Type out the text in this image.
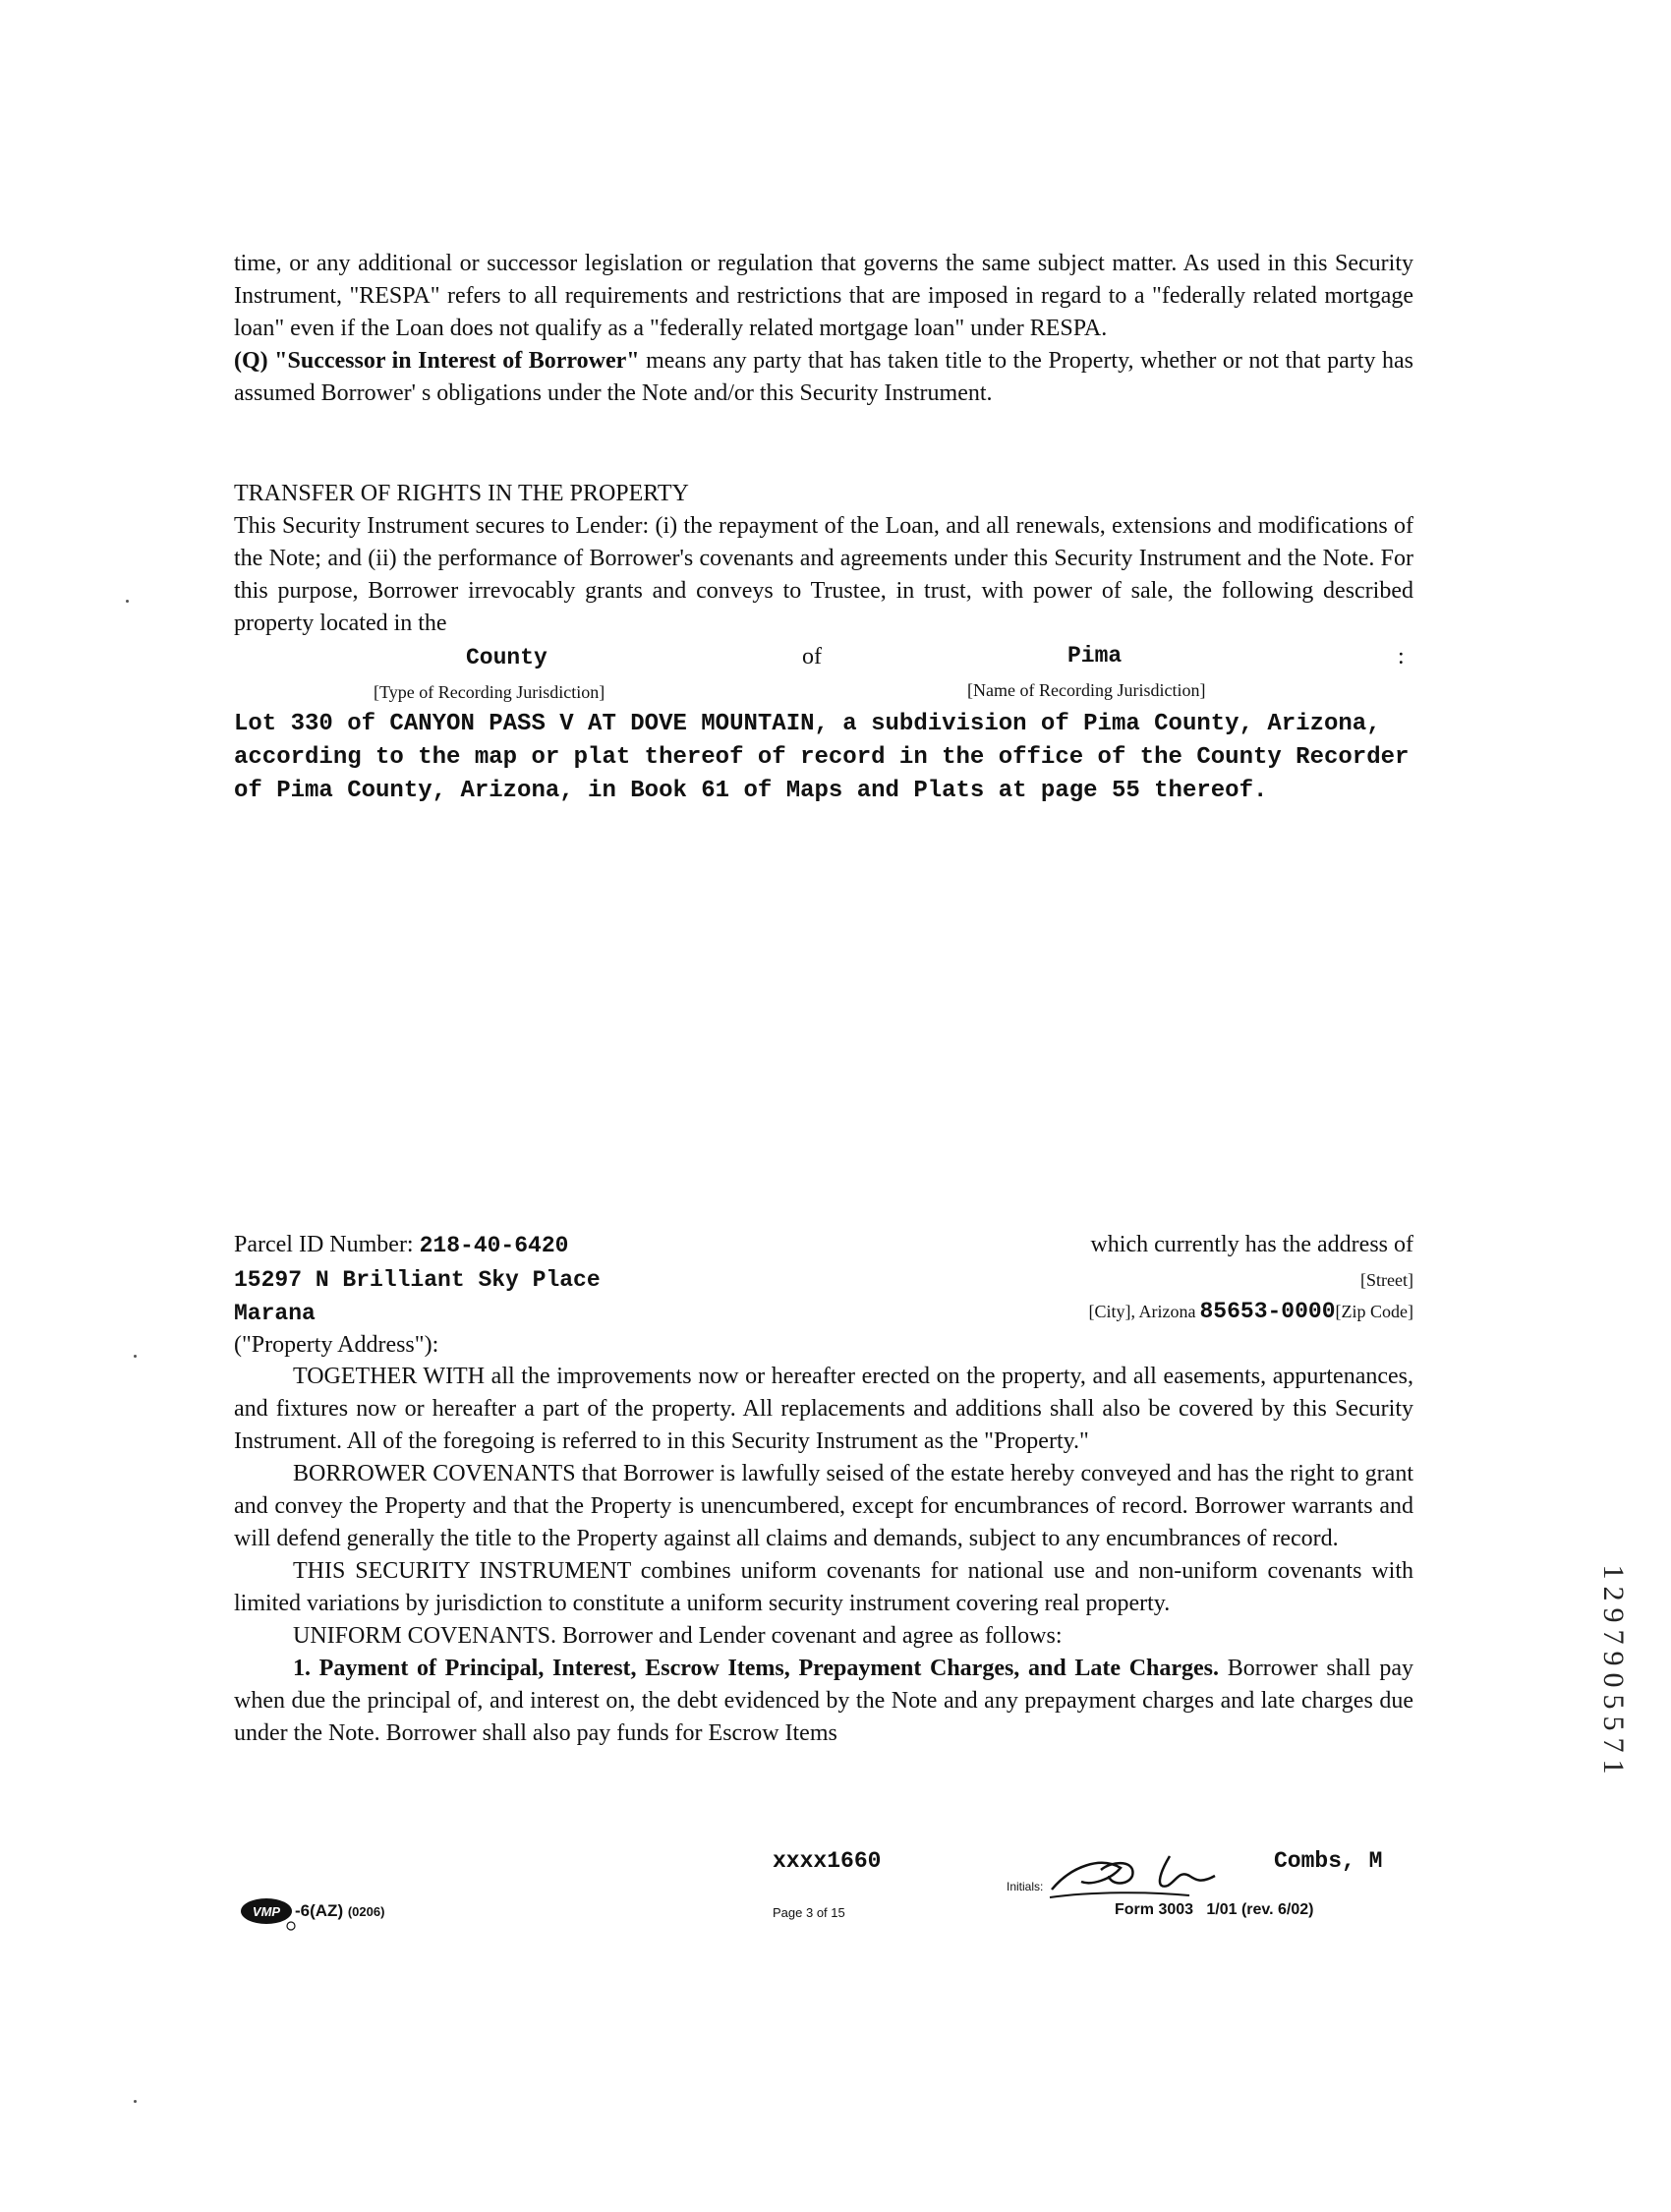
time, or any additional or successor legislation or regulation that governs the same subject matter. As used in this Security Instrument, "RESPA" refers to all requirements and restrictions that are imposed in regard to a "federally related mortgage loan" even if the Loan does not qualify as a "federally related mortgage loan" under RESPA.

(Q) "Successor in Interest of Borrower" means any party that has taken title to the Property, whether or not that party has assumed Borrower' s obligations under the Note and/or this Security Instrument.

TRANSFER OF RIGHTS IN THE PROPERTY

This Security Instrument secures to Lender: (i) the repayment of the Loan, and all renewals, extensions and modifications of the Note; and (ii) the performance of Borrower's covenants and agreements under this Security Instrument and the Note. For this purpose, Borrower irrevocably grants and conveys to Trustee, in trust, with power of sale, the following described property located in the

County	of	Pima	:
[Type of Recording Jurisdiction]	[Name of Recording Jurisdiction]
Lot 330 of CANYON PASS V AT DOVE MOUNTAIN, a subdivision of Pima County, Arizona, according to the map or plat thereof of record in the office of the County Recorder of Pima County, Arizona, in Book 61 of Maps and Plats at page 55 thereof.
Parcel ID Number: 218-40-6420	which currently has the address of
15297 N Brilliant Sky Place	[Street]
Marana	[City], Arizona 85653-0000[Zip Code]
("Property Address"):

TOGETHER WITH all the improvements now or hereafter erected on the property, and all easements, appurtenances, and fixtures now or hereafter a part of the property. All replacements and additions shall also be covered by this Security Instrument. All of the foregoing is referred to in this Security Instrument as the "Property."

BORROWER COVENANTS that Borrower is lawfully seised of the estate hereby conveyed and has the right to grant and convey the Property and that the Property is unencumbered, except for encumbrances of record. Borrower warrants and will defend generally the title to the Property against all claims and demands, subject to any encumbrances of record.

THIS SECURITY INSTRUMENT combines uniform covenants for national use and non-uniform covenants with limited variations by jurisdiction to constitute a uniform security instrument covering real property.

UNIFORM COVENANTS. Borrower and Lender covenant and agree as follows:

1. Payment of Principal, Interest, Escrow Items, Prepayment Charges, and Late Charges. Borrower shall pay when due the principal of, and interest on, the debt evidenced by the Note and any prepayment charges and late charges due under the Note. Borrower shall also pay funds for Escrow Items

xxxx1660
Initials:
Combs, M
VMP -6(AZ) (0206)	Page 3 of 15	Form 3003   1/01 (rev. 6/02)
1
2
9
7
9
0
5
5
7
1
